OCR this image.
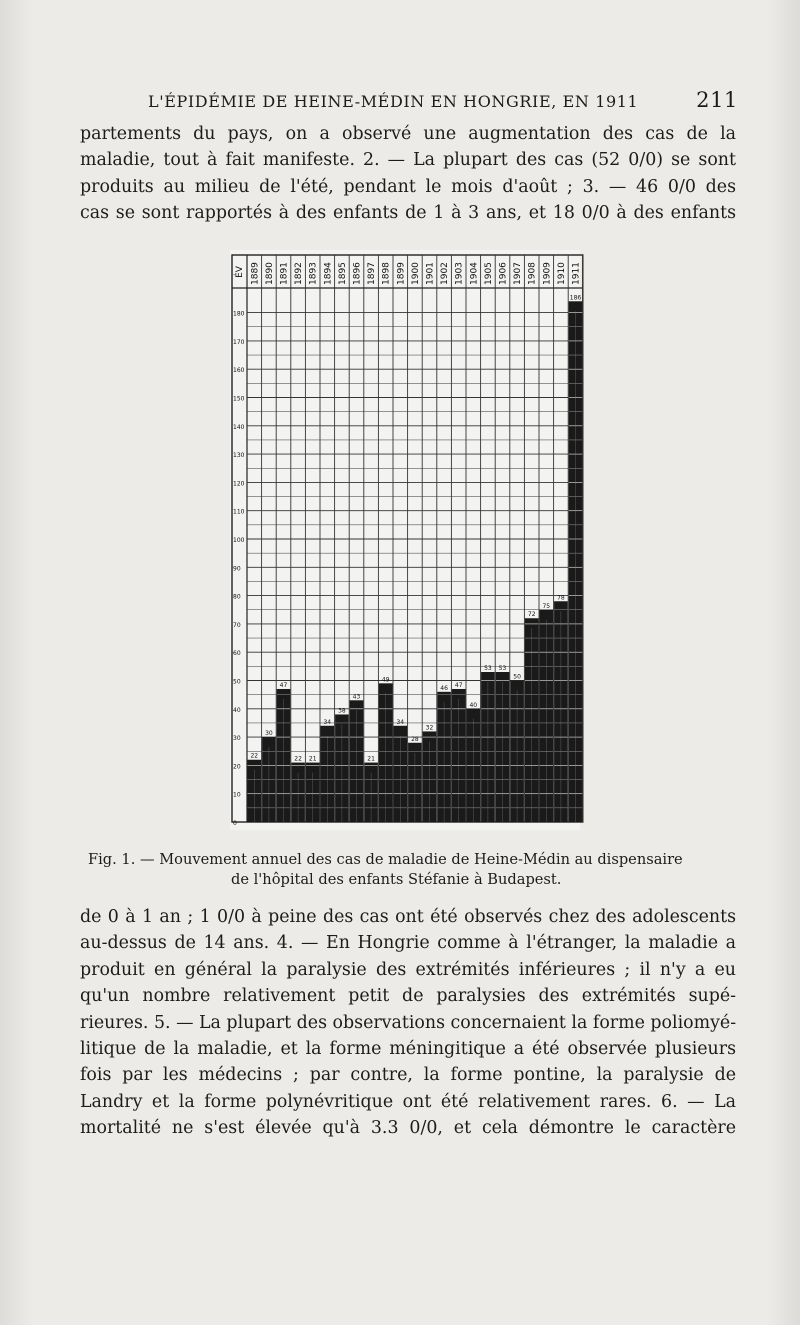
L'ÉPIDÉMIE DE HEINE-MÉDIN EN HONGRIE, EN 1911	211
partements du pays, on a observé une augmentation des cas de la
maladie, tout à fait manifeste. 2. — La plupart des cas (52 0/0) se sont
produits au milieu de l'été, pendant le mois d'août ; 3. — 46 0/0 des
cas se sont rapportés à des enfants de 1 à 3 ans, et 18 0/0 à des enfants
ÉV 1889 1890 1891 1892 1893 1894 1895 1896 1897 1898 1899 1900 1901 1902 1903 1904 1905 1906 1907 1908 1909 1910 1911
0
10
20
30
40
50
60
70
80
90
100
110
120
130
140
150
160
170
180
22
30
47
22 21
34
38
43
21
49
34
28
32
46 47
40
53 53
50
72
75
78
186
Fig. 1. — Mouvement annuel des cas de maladie de Heine-Médin au dispensaire
de l'hôpital des enfants Stéfanie à Budapest.
de 0 à 1 an ; 1 0/0 à peine des cas ont été observés chez des adolescents
au-dessus de 14 ans. 4. — En Hongrie comme à l'étranger, la maladie a
produit en général la paralysie des extrémités inférieures ; il n'y a eu
qu'un nombre relativement petit de paralysies des extrémités supé-
rieures. 5. — La plupart des observations concernaient la forme poliomyé-
litique de la maladie, et la forme méningitique a été observée plusieurs
fois par les médecins ; par contre, la forme pontine, la paralysie de
Landry et la forme polynévritique ont été relativement rares. 6. — La
mortalité ne s'est élevée qu'à 3.3 0/0, et cela démontre le caractère
